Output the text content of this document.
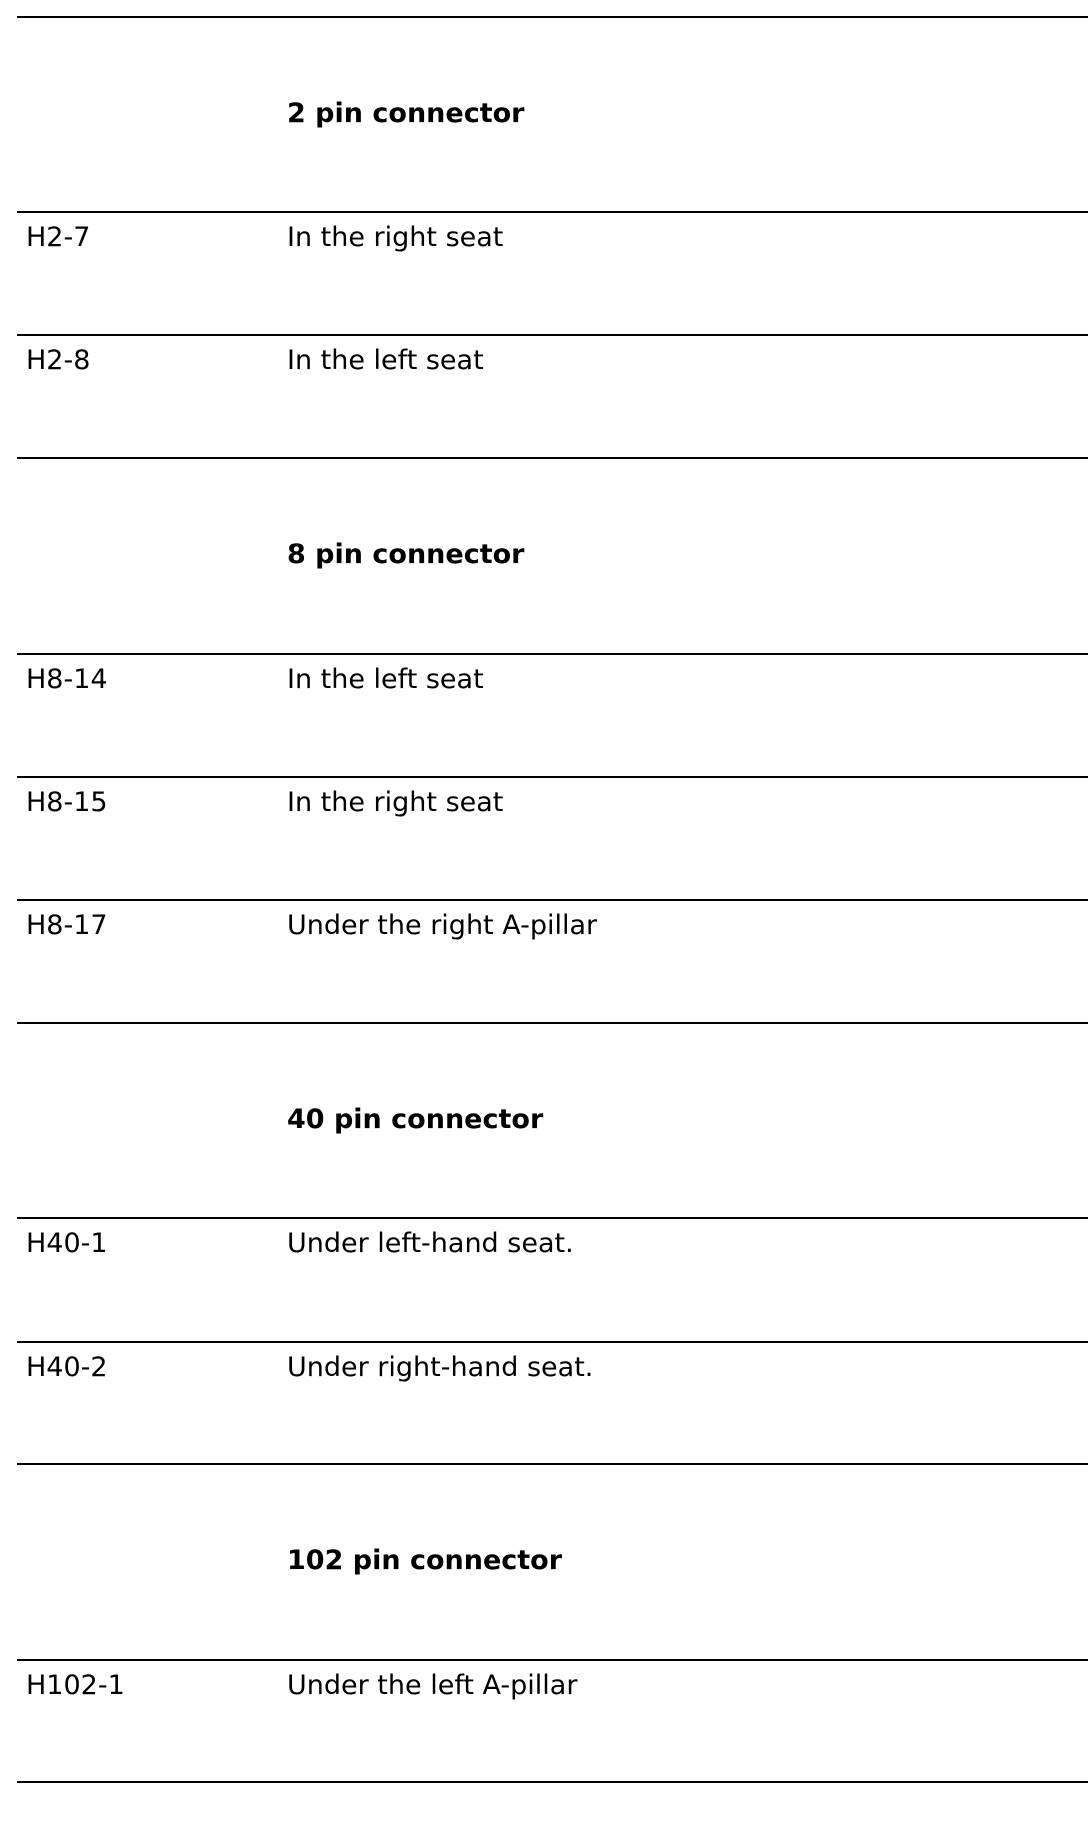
2 pin connector
H2-7	In the right seat
H2-8	In the left seat
8 pin connector
H8-14	In the left seat
H8-15	In the right seat
H8-17	Under the right A-pillar
40 pin connector
H40-1	Under left-hand seat.
H40-2	Under right-hand seat.
102 pin connector
H102-1	Under the left A-pillar
